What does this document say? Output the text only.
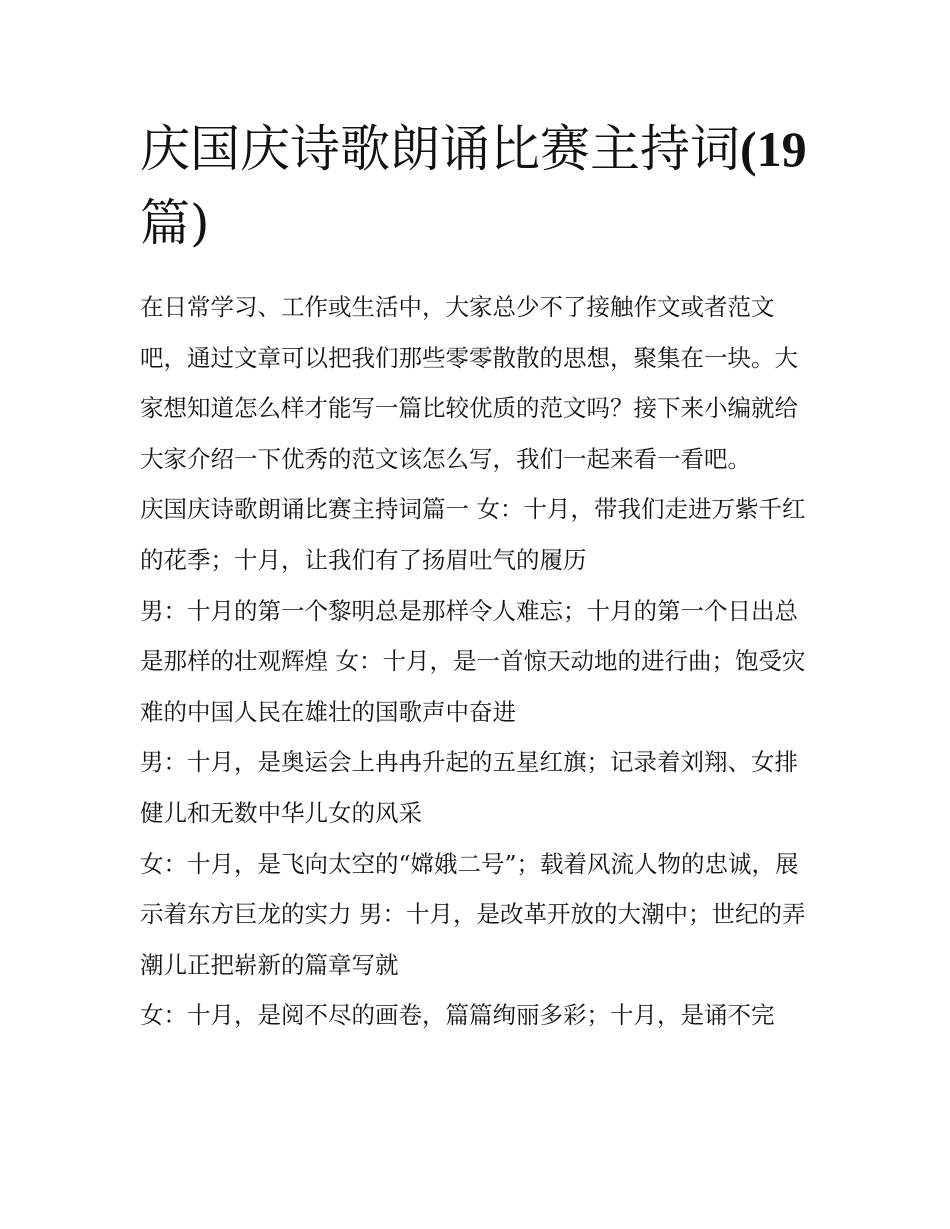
庆国庆诗歌朗诵比赛主持词(19
篇)

在日常学习、工作或生活中，大家总少不了接触作文或者范文吧，通过文章可以把我们那些零零散散的思想，聚集在一块。大家想知道怎么样才能写一篇比较优质的范文吗？接下来小编就给大家介绍一下优秀的范文该怎么写，我们一起来看一看吧。

庆国庆诗歌朗诵比赛主持词篇一 女：十月，带我们走进万紫千红的花季；十月，让我们有了扬眉吐气的履历

男：十月的第一个黎明总是那样令人难忘；十月的第一个日出总是那样的壮观辉煌 女：十月，是一首惊天动地的进行曲；饱受灾难的中国人民在雄壮的国歌声中奋进

男：十月，是奥运会上冉冉升起的五星红旗；记录着刘翔、女排健儿和无数中华儿女的风采

女：十月，是飞向太空的“嫦娥二号”；载着风流人物的忠诚，展示着东方巨龙的实力 男：十月，是改革开放的大潮中；世纪的弄潮儿正把崭新的篇章写就

女：十月，是阅不尽的画卷，篇篇绚丽多彩；十月，是诵不完
